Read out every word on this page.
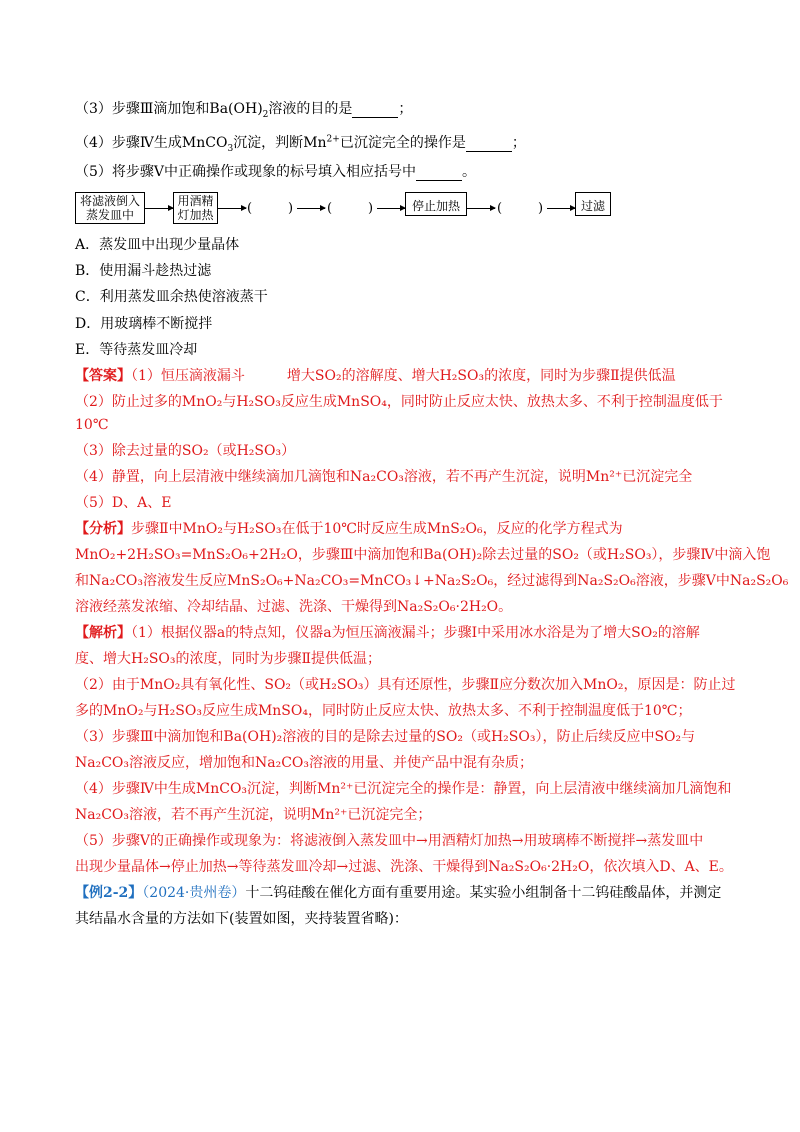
（3）步骤Ⅲ滴加饱和$Ba(OH)_2$溶液的目的是	；
（4）步骤Ⅳ生成MnCO$_3$沉淀，判断$Mn^{2+}$已沉淀完全的操作是	；
（5）将步骤Ⅴ中正确操作或现象的标号填入相应括号中	。
将滤液倒入蒸发皿中
用酒精灯加热	(	)	(	)	停止加热	(	)	过滤
A．蒸发皿中出现少量晶体
B．使用漏斗趁热过滤
C．利用蒸发皿余热使溶液蒸干
D．用玻璃棒不断搅拌
E．等待蒸发皿冷却
【答案】（1）恒压滴液漏斗　　　增大SO₂的溶解度、增大H₂SO₃的浓度，同时为步骤Ⅱ提供低温
（2）防止过多的MnO₂与H₂SO₃反应生成MnSO₄，同时防止反应太快、放热太多、不利于控制温度低于
10℃
（3）除去过量的SO₂（或H₂SO₃）
（4）静置，向上层清液中继续滴加几滴饱和Na₂CO₃溶液，若不再产生沉淀，说明Mn²⁺已沉淀完全
（5）D、A、E
【分析】步骤Ⅱ中MnO₂与H₂SO₃在低于10℃时反应生成MnS₂O₆，反应的化学方程式为
MnO₂+2H₂SO₃=MnS₂O₆+2H₂O，步骤Ⅲ中滴加饱和Ba(OH)₂除去过量的SO₂（或H₂SO₃），步骤Ⅳ中滴入饱
和Na₂CO₃溶液发生反应MnS₂O₆+Na₂CO₃=MnCO₃↓+Na₂S₂O₆，经过滤得到Na₂S₂O₆溶液，步骤Ⅴ中Na₂S₂O₆
溶液经蒸发浓缩、冷却结晶、过滤、洗涤、干燥得到Na₂S₂O₆·2H₂O。
【解析】（1）根据仪器a的特点知，仪器a为恒压滴液漏斗；步骤Ⅰ中采用冰水浴是为了增大SO₂的溶解
度、增大H₂SO₃的浓度，同时为步骤Ⅱ提供低温；
（2）由于MnO₂具有氧化性、SO₂（或H₂SO₃）具有还原性，步骤Ⅱ应分数次加入MnO₂，原因是：防止过
多的MnO₂与H₂SO₃反应生成MnSO₄，同时防止反应太快、放热太多、不利于控制温度低于10℃；
（3）步骤Ⅲ中滴加饱和Ba(OH)₂溶液的目的是除去过量的SO₂（或H₂SO₃），防止后续反应中SO₂与
Na₂CO₃溶液反应，增加饱和Na₂CO₃溶液的用量、并使产品中混有杂质；
（4）步骤Ⅳ中生成MnCO₃沉淀，判断Mn²⁺已沉淀完全的操作是：静置，向上层清液中继续滴加几滴饱和
Na₂CO₃溶液，若不再产生沉淀，说明Mn²⁺已沉淀完全；
（5）步骤Ⅴ的正确操作或现象为：将滤液倒入蒸发皿中→用酒精灯加热→用玻璃棒不断搅拌→蒸发皿中
出现少量晶体→停止加热→等待蒸发皿冷却→过滤、洗涤、干燥得到Na₂S₂O₆·2H₂O，依次填入D、A、E。
【例2-2】（2024·贵州卷）十二钨硅酸在催化方面有重要用途。某实验小组制备十二钨硅酸晶体，并测定
其结晶水含量的方法如下(装置如图，夹持装置省略)：
